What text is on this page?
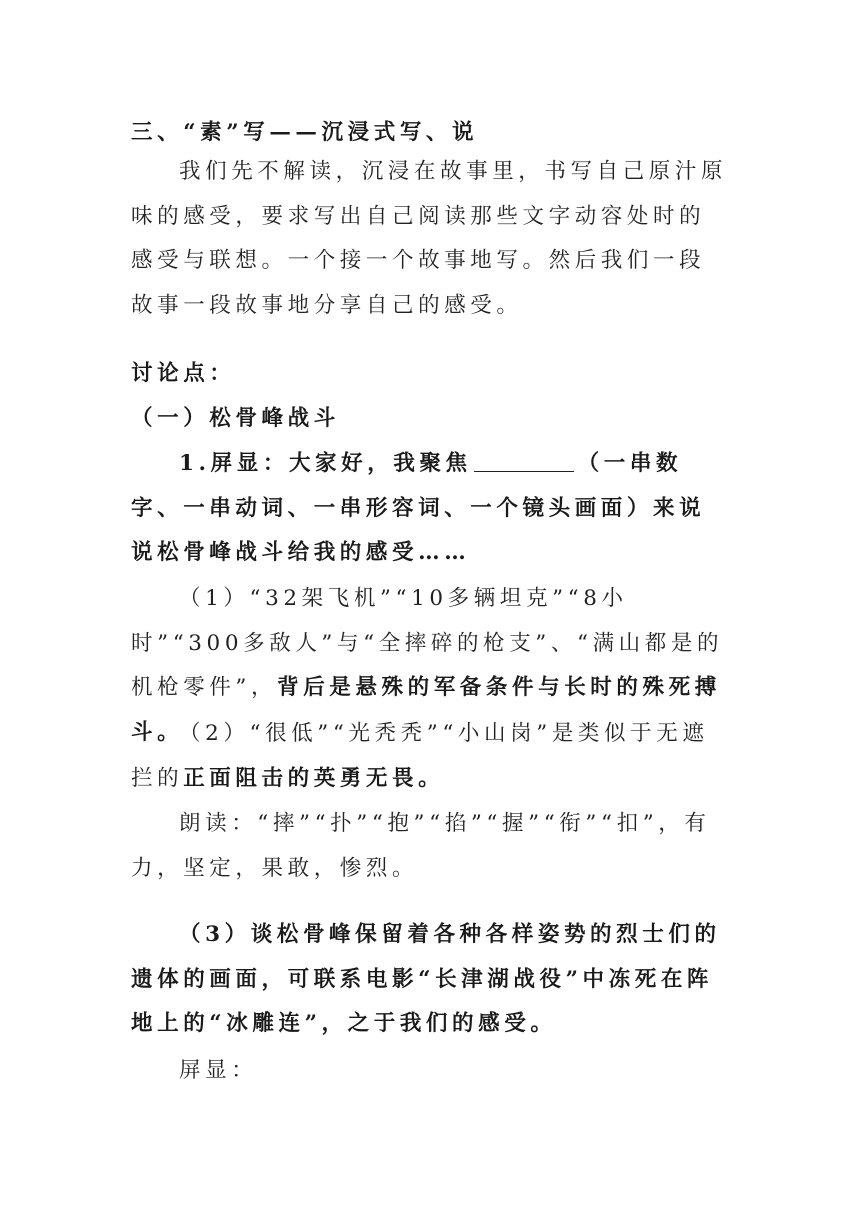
三、“素”写——沉浸式写、说

我们先不解读，沉浸在故事里，书写自己原汁原味的感受，要求写出自己阅读那些文字动容处时的感受与联想。一个接一个故事地写。然后我们一段故事一段故事地分享自己的感受。

讨论点：

（一）松骨峰战斗

1.屏显：大家好，我聚焦	（一串数字、一串动词、一串形容词、一个镜头画面）来说说松骨峰战斗给我的感受……

（1）“32架飞机”“10多辆坦克”“8小时”“300多敌人”与“全摔碎的枪支”、“满山都是的机枪零件”，背后是悬殊的军备条件与长时的殊死搏斗。

（2）“很低”“光秃秃”“小山岗”是类似于无遮拦的正面阻击的英勇无畏。

朗读：“摔”“扑”“抱”“掐”“握”“衔”“扣”，有力，坚定，果敢，惨烈。

（3）谈松骨峰保留着各种各样姿势的烈士们的遗体的画面，可联系电影“长津湖战役”中冻死在阵地上的“冰雕连”，之于我们的感受。

屏显：
